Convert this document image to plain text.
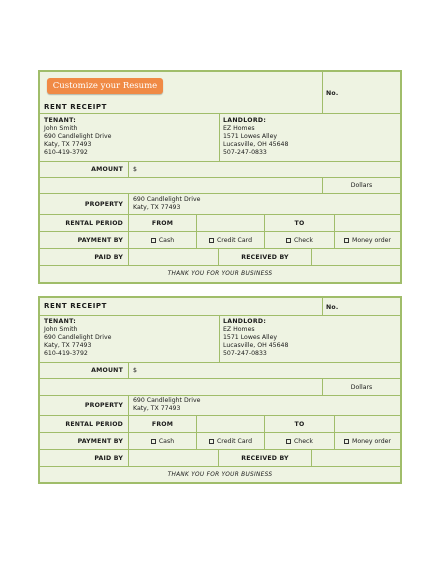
Customize your Resume
RENT RECEIPT
No.
TENANT:
John Smith
690 Candlelight Drive
Katy, TX 77493
610-419-3792
LANDLORD:
EZ Homes
1571 Lowes Alley
Lucasville, OH 45648
507-247-0833
AMOUNT	$
Dollars
PROPERTY
690 Candlelight Drive
Katy, TX 77493
RENTAL PERIOD	FROM	TO
PAYMENT BY	Cash	Credit Card	Check	Money order
PAID BY	RECEIVED BY
THANK YOU FOR YOUR BUSINESS
RENT RECEIPT	No.
TENANT:
John Smith
690 Candlelight Drive
Katy, TX 77493
610-419-3792
LANDLORD:
EZ Homes
1571 Lowes Alley
Lucasville, OH 45648
507-247-0833
AMOUNT	$
Dollars
PROPERTY
690 Candlelight Drive
Katy, TX 77493
RENTAL PERIOD	FROM	TO
PAYMENT BY	Cash	Credit Card	Check	Money order
PAID BY	RECEIVED BY
THANK YOU FOR YOUR BUSINESS
